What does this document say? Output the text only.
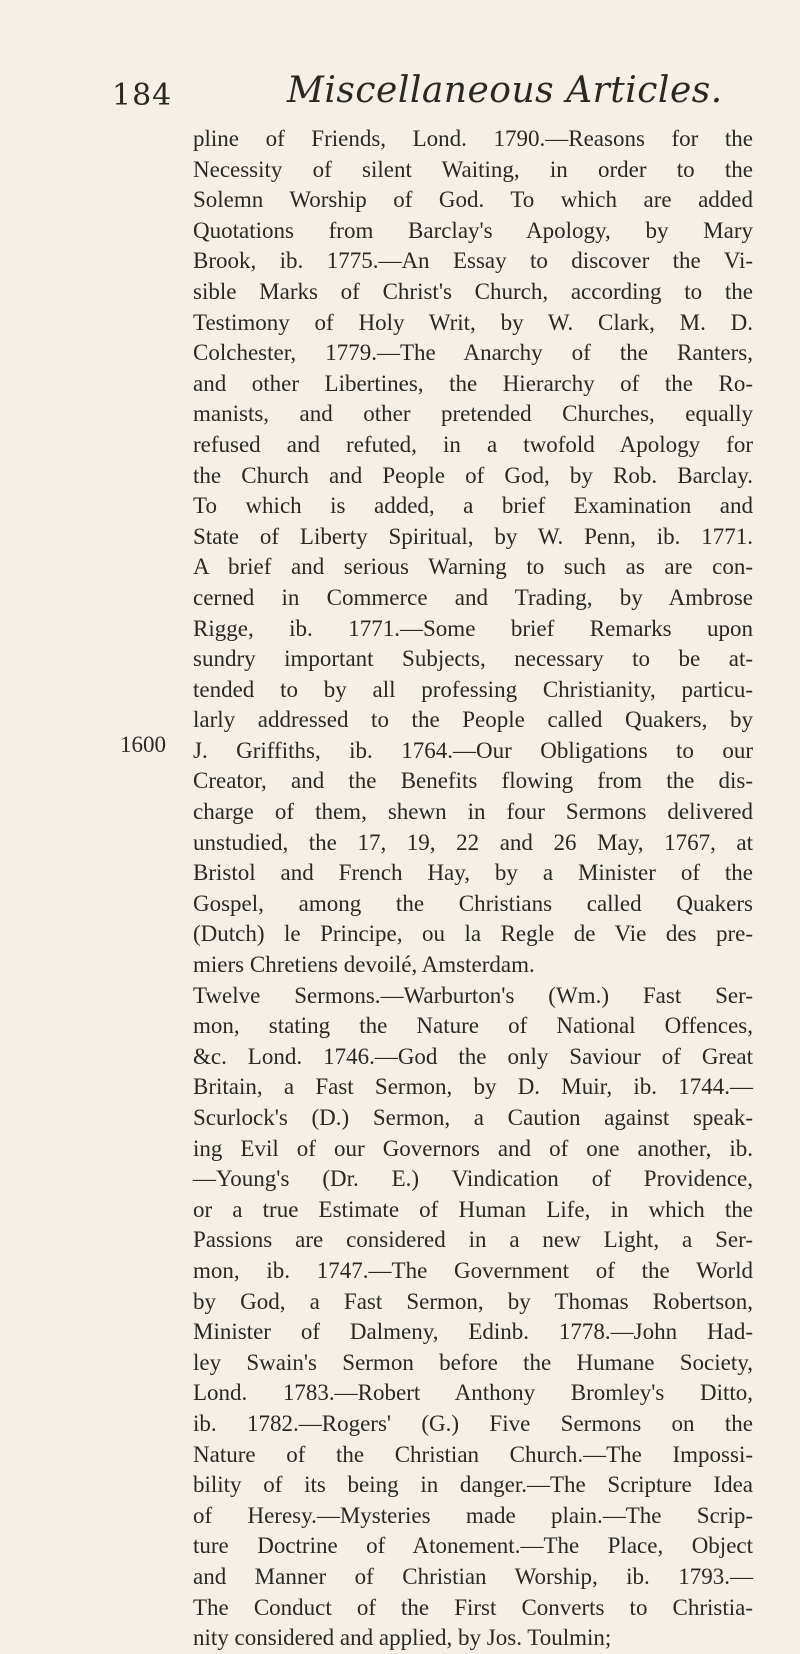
184	Miscellaneous Articles.
1600
pline of Friends, Lond. 1790.—Reasons for the
Necessity of silent Waiting, in order to the
Solemn Worship of God. To which are added
Quotations from Barclay's Apology, by Mary
Brook, ib. 1775.—An Essay to discover the Vi-
sible Marks of Christ's Church, according to the
Testimony of Holy Writ, by W. Clark, M. D.
Colchester, 1779.—The Anarchy of the Ranters,
and other Libertines, the Hierarchy of the Ro-
manists, and other pretended Churches, equally
refused and refuted, in a twofold Apology for
the Church and People of God, by Rob. Barclay.
To which is added, a brief Examination and
State of Liberty Spiritual, by W. Penn, ib. 1771.
A brief and serious Warning to such as are con-
cerned in Commerce and Trading, by Ambrose
Rigge, ib. 1771.—Some brief Remarks upon
sundry important Subjects, necessary to be at-
tended to by all professing Christianity, particu-
larly addressed to the People called Quakers, by
J. Griffiths, ib. 1764.—Our Obligations to our
Creator, and the Benefits flowing from the dis-
charge of them, shewn in four Sermons delivered
unstudied, the 17, 19, 22 and 26 May, 1767, at
Bristol and French Hay, by a Minister of the
Gospel, among the Christians called Quakers
(Dutch) le Principe, ou la Regle de Vie des pre-
miers Chretiens devoilé, Amsterdam.
Twelve Sermons.—Warburton's (Wm.) Fast Ser-
mon, stating the Nature of National Offences,
&c. Lond. 1746.—God the only Saviour of Great
Britain, a Fast Sermon, by D. Muir, ib. 1744.—
Scurlock's (D.) Sermon, a Caution against speak-
ing Evil of our Governors and of one another, ib.
—Young's (Dr. E.) Vindication of Providence,
or a true Estimate of Human Life, in which the
Passions are considered in a new Light, a Ser-
mon, ib. 1747.—The Government of the World
by God, a Fast Sermon, by Thomas Robertson,
Minister of Dalmeny, Edinb. 1778.—John Had-
ley Swain's Sermon before the Humane Society,
Lond. 1783.—Robert Anthony Bromley's Ditto,
ib. 1782.—Rogers' (G.) Five Sermons on the
Nature of the Christian Church.—The Impossi-
bility of its being in danger.—The Scripture Idea
of Heresy.—Mysteries made plain.—The Scrip-
ture Doctrine of Atonement.—The Place, Object
and Manner of Christian Worship, ib. 1793.—
The Conduct of the First Converts to Christia-
nity considered and applied, by Jos. Toulmin;
